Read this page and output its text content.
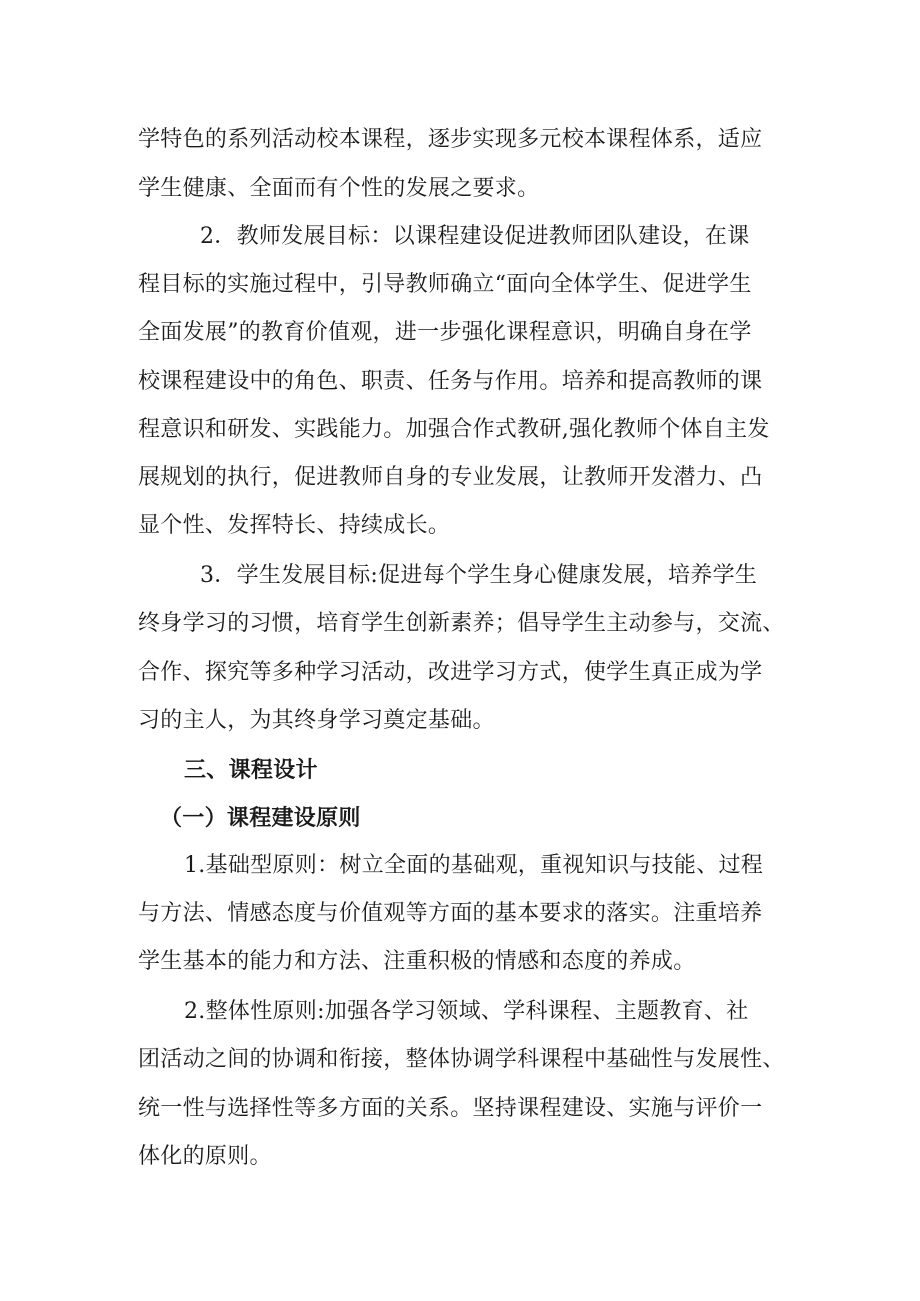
学特色的系列活动校本课程，逐步实现多元校本课程体系，适应
学生健康、全面而有个性的发展之要求。
2．教师发展目标：以课程建设促进教师团队建设，在课
程目标的实施过程中，引导教师确立“面向全体学生、促进学生
全面发展”的教育价值观，进一步强化课程意识，明确自身在学
校课程建设中的角色、职责、任务与作用。培养和提高教师的课
程意识和研发、实践能力。加强合作式教研,强化教师个体自主发
展规划的执行，促进教师自身的专业发展，让教师开发潜力、凸
显个性、发挥特长、持续成长。
3．学生发展目标:促进每个学生身心健康发展，培养学生
终身学习的习惯，培育学生创新素养；倡导学生主动参与，交流、
合作、探究等多种学习活动，改进学习方式，使学生真正成为学
习的主人，为其终身学习奠定基础。
三、课程设计
（一）课程建设原则
1.基础型原则：树立全面的基础观，重视知识与技能、过程
与方法、情感态度与价值观等方面的基本要求的落实。注重培养
学生基本的能力和方法、注重积极的情感和态度的养成。
2.整体性原则:加强各学习领域、学科课程、主题教育、社
团活动之间的协调和衔接，整体协调学科课程中基础性与发展性、
统一性与选择性等多方面的关系。坚持课程建设、实施与评价一
体化的原则。
